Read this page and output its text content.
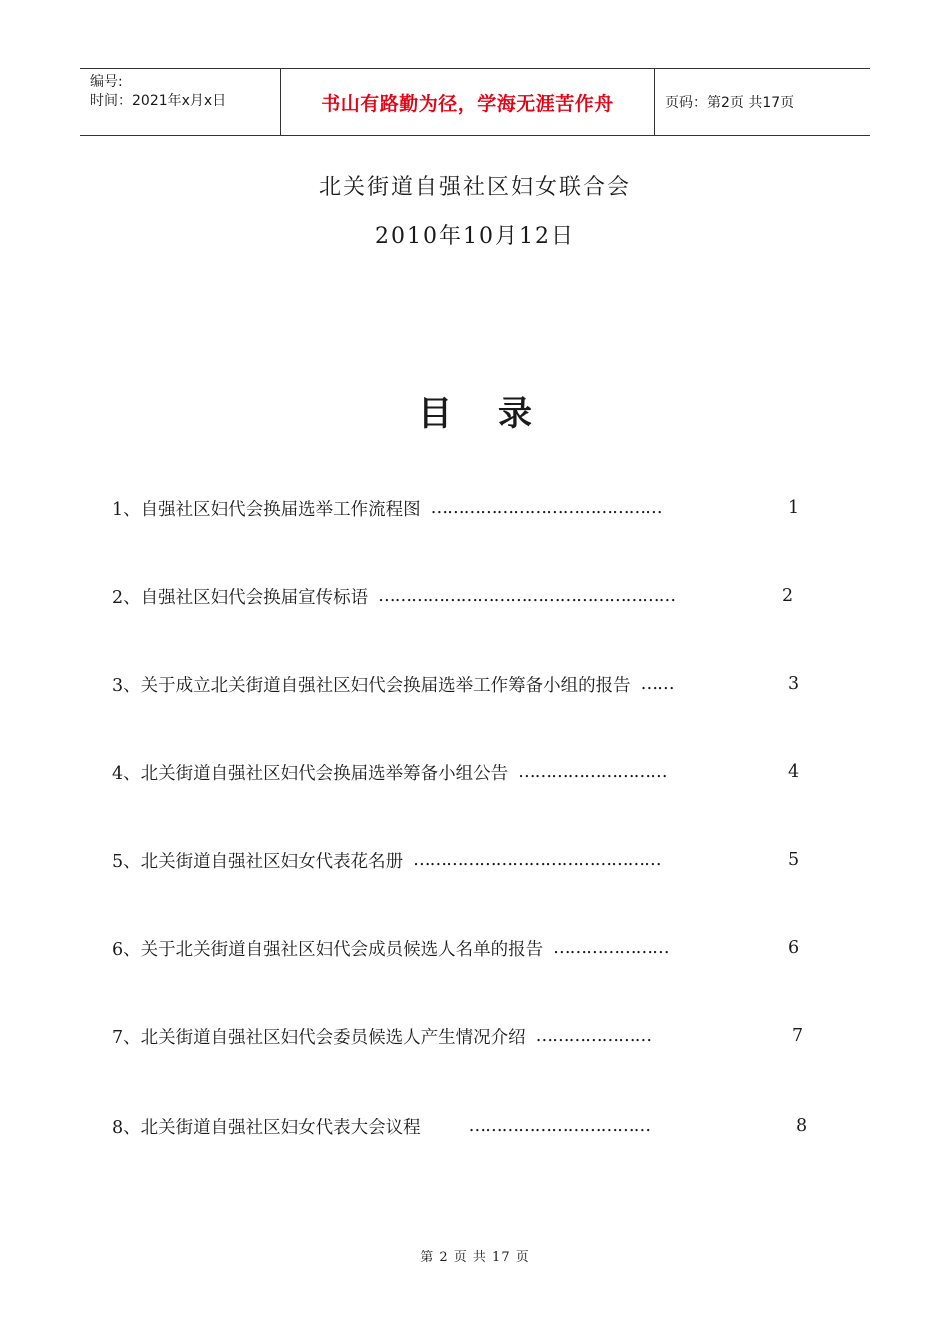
编号:
时间：2021年x月x日	书山有路勤为径，学海无涯苦作舟	页码：第2页 共17页
北关街道自强社区妇女联合会
2010年10月12日
目录
1、自强社区妇代会换届选举工作流程图 ……………………………………	1
2、自强社区妇代会换届宣传标语 ………………………………………………	2
3、关于成立北关街道自强社区妇代会换届选举工作筹备小组的报告 ……	3
4、北关街道自强社区妇代会换届选举筹备小组公告 ………………………	4
5、北关街道自强社区妇女代表花名册 ………………………………………	5
6、关于北关街道自强社区妇代会成员候选人名单的报告 …………………	6
7、北关街道自强社区妇代会委员候选人产生情况介绍 …………………	7
8、北关街道自强社区妇女代表大会议程	……………………………	8
第 2 页 共 17 页
